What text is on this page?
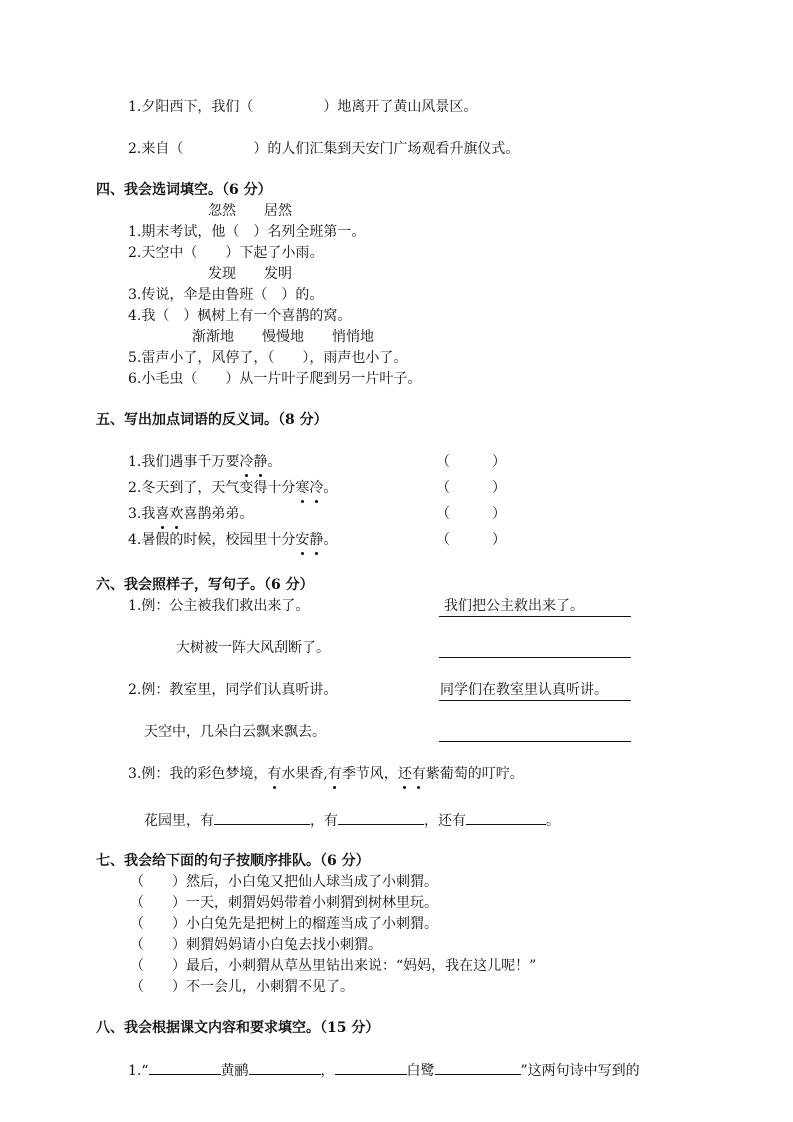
1.夕阳西下，我们（　　　　　）地离开了黄山风景区。
2.来自（　　　　　）的人们汇集到天安门广场观看升旗仪式。
四、我会选词填空。（6 分）
忽然　　居然
1.期末考试，他（　）名列全班第一。
2.天空中（　　）下起了小雨。
发现　　发明
3.传说，伞是由鲁班（　）的。
4.我（　）枫树上有一个喜鹊的窝。
渐渐地　　慢慢地　　悄悄地
5.雷声小了，风停了，（　　），雨声也小了。
6.小毛虫（　　）从一片叶子爬到另一片叶子。
五、写出加点词语的反义词。（8 分）
1.我们遇事千万要冷静。	（　　　）
2.冬天到了，天气变得十分寒冷。	（　　　）
3.我喜欢喜鹊弟弟。	（　　　）
4.暑假的时候，校园里十分安静。	（　　　）
六、我会照样子，写句子。（6 分）
1.例：公主被我们救出来了。	我们把公主救出来了。
大树被一阵大风刮断了。
2.例：教室里，同学们认真听讲。	同学们在教室里认真听讲。
天空中，几朵白云飘来飘去。
3.例：我的彩色梦境，有水果香,有季节风，还有紫葡萄的叮咛。
花园里，有	，有	，还有	。
七、我会给下面的句子按顺序排队。（6 分）
（　　）然后，小白兔又把仙人球当成了小刺猬。
（　　）一天，刺猬妈妈带着小刺猬到树林里玩。
（　　）小白兔先是把树上的榴莲当成了小刺猬。
（　　）刺猬妈妈请小白兔去找小刺猬。
（　　）最后，小刺猬从草丛里钻出来说：“妈妈，我在这儿呢！”
（　　）不一会儿，小刺猬不见了。
八、我会根据课文内容和要求填空。（15 分）
1.“	黄鹂	，	白鹭	”这两句诗中写到的
